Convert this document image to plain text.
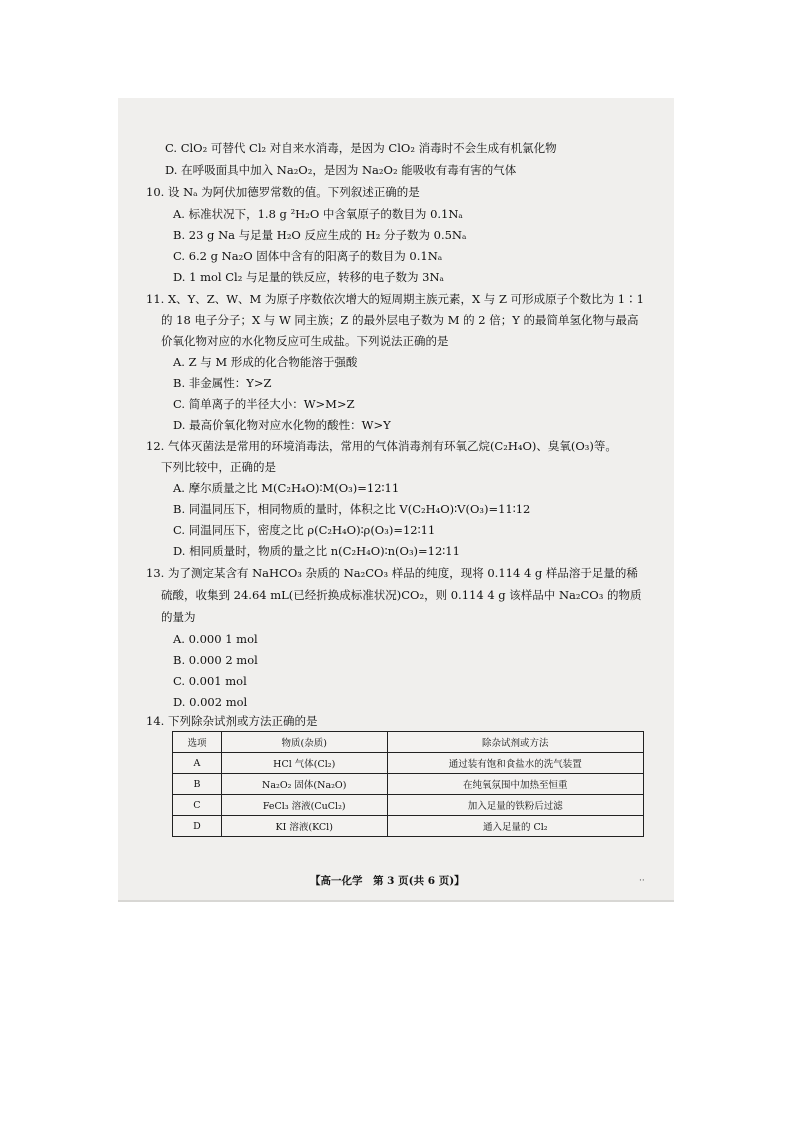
C. ClO₂ 可替代 Cl₂ 对自来水消毒，是因为 ClO₂ 消毒时不会生成有机氯化物
D. 在呼吸面具中加入 Na₂O₂，是因为 Na₂O₂ 能吸收有毒有害的气体
10. 设 Nₐ 为阿伏加德罗常数的值。下列叙述正确的是
A. 标准状况下，1.8 g ²H₂O 中含氧原子的数目为 0.1Nₐ
B. 23 g Na 与足量 H₂O 反应生成的 H₂ 分子数为 0.5Nₐ
C. 6.2 g Na₂O 固体中含有的阳离子的数目为 0.1Nₐ
D. 1 mol Cl₂ 与足量的铁反应，转移的电子数为 3Nₐ
11. X、Y、Z、W、M 为原子序数依次增大的短周期主族元素，X 与 Z 可形成原子个数比为 1∶1
的 18 电子分子；X 与 W 同主族；Z 的最外层电子数为 M 的 2 倍；Y 的最简单氢化物与最高
价氧化物对应的水化物反应可生成盐。下列说法正确的是
A. Z 与 M 形成的化合物能溶于强酸
B. 非金属性：Y>Z
C. 简单离子的半径大小：W>M>Z
D. 最高价氧化物对应水化物的酸性：W>Y
12. 气体灭菌法是常用的环境消毒法，常用的气体消毒剂有环氧乙烷(C₂H₄O)、臭氧(O₃)等。
下列比较中，正确的是
A. 摩尔质量之比 M(C₂H₄O)∶M(O₃)=12∶11
B. 同温同压下，相同物质的量时，体积之比 V(C₂H₄O)∶V(O₃)=11∶12
C. 同温同压下，密度之比 ρ(C₂H₄O)∶ρ(O₃)=12∶11
D. 相同质量时，物质的量之比 n(C₂H₄O)∶n(O₃)=12∶11
13. 为了测定某含有 NaHCO₃ 杂质的 Na₂CO₃ 样品的纯度，现将 0.114 4 g 样品溶于足量的稀
硫酸，收集到 24.64 mL(已经折换成标准状况)CO₂，则 0.114 4 g 该样品中 Na₂CO₃ 的物质
的量为
A. 0.000 1 mol
B. 0.000 2 mol
C. 0.001 mol
D. 0.002 mol
14. 下列除杂试剂或方法正确的是
选项	物质(杂质)	除杂试剂或方法
A	HCl 气体(Cl₂)	通过装有饱和食盐水的洗气装置
B	Na₂O₂ 固体(Na₂O)	在纯氧氛围中加热至恒重
C	FeCl₃ 溶液(CuCl₂)	加入足量的铁粉后过滤
D	KI 溶液(KCl)	通入足量的 Cl₂
【高一化学　第 3 页(共 6 页)】	··
